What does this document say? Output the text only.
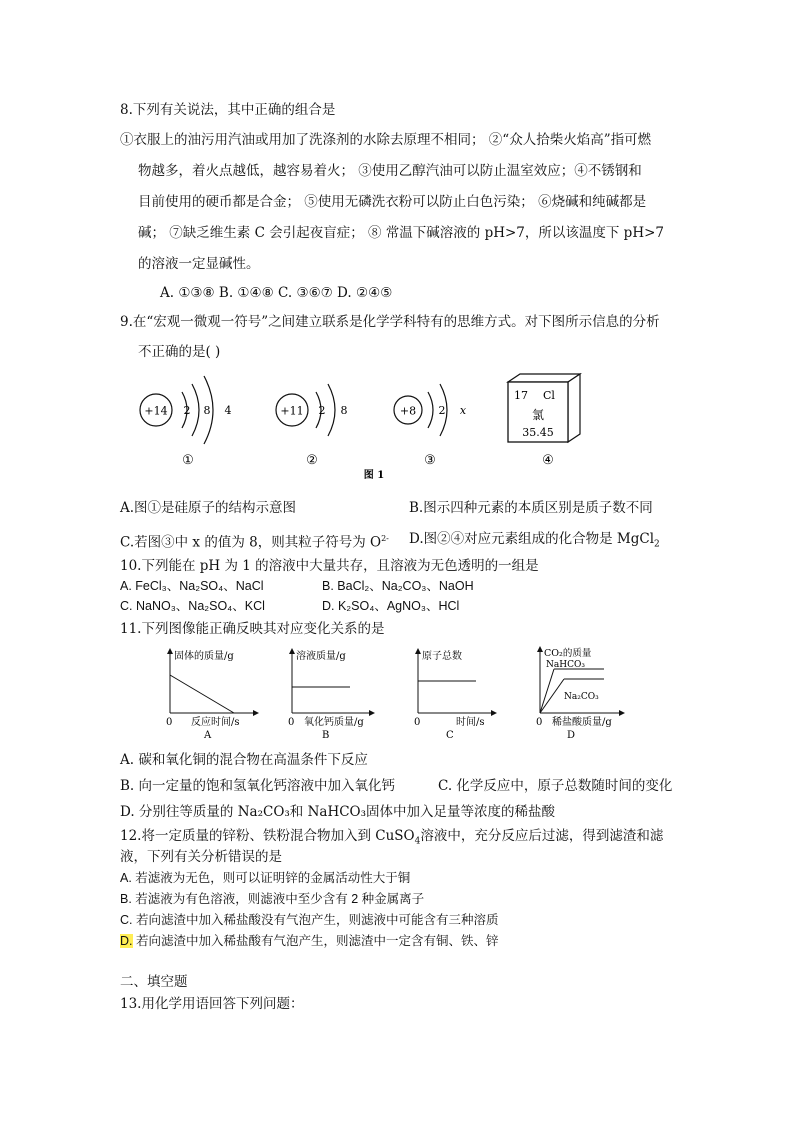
8.下列有关说法，其中正确的组合是
①衣服上的油污用汽油或用加了洗涤剂的水除去原理不相同； ②“众人拾柴火焰高”指可燃
物越多，着火点越低，越容易着火； ③使用乙醇汽油可以防止温室效应；④不锈钢和
目前使用的硬币都是合金； ⑤使用无磷洗衣粉可以防止白色污染； ⑥烧碱和纯碱都是
碱； ⑦缺乏维生素 C 会引起夜盲症； ⑧ 常温下碱溶液的 pH>7，所以该温度下 pH>7
的溶液一定显碱性。
A. ①③⑧ B. ①④⑧ C. ③⑥⑦ D. ②④⑤
9.在“宏观一微观一符号”之间建立联系是化学学科特有的思维方式。对下图所示信息的分析
不正确的是( )
+14 2 8 4
①
+11 2 8
②
+8 2 x
③
17 Cl
氯
35.45
④
图 1
A.图①是硅原子的结构示意图	B.图示四种元素的本质区别是质子数不同
C.若图③中 x 的值为 8，则其粒子符号为 $O^{2-}$ D.图②④对应元素组成的化合物是 MgCl$_2$
10.下列能在 pH 为 1 的溶液中大量共存，且溶液为无色透明的一组是
A. FeCl₃、Na₂SO₄、NaCl	B. BaCl₂、Na₂CO₃、NaOH
C. NaNO₃、Na₂SO₄、KCl	D. K₂SO₄、AgNO₃、HCl
11.下列图像能正确反映其对应变化关系的是
固体的质量/g
0 反应时间/s
A
溶液质量/g
0 氧化钙质量/g
B
原子总数
0	时间/s
C
CO₂的质量
NaHCO₃
Na₂CO₃
0 稀盐酸质量/g
D
A. 碳和氧化铜的混合物在高温条件下反应
B. 向一定量的饱和氢氧化钙溶液中加入氧化钙	C. 化学反应中，原子总数随时间的变化
D. 分别往等质量的 Na₂CO₃和 NaHCO₃固体中加入足量等浓度的稀盐酸
12.将一定质量的锌粉、铁粉混合物加入到 CuSO$_4$溶液中，充分反应后过滤，得到滤渣和滤
液，下列有关分析错误的是
A. 若滤液为无色，则可以证明锌的金属活动性大于铜
B. 若滤液为有色溶液，则滤液中至少含有 2 种金属离子
C. 若向滤渣中加入稀盐酸没有气泡产生，则滤液中可能含有三种溶质
D. 若向滤渣中加入稀盐酸有气泡产生，则滤渣中一定含有铜、铁、锌
二、填空题
13.用化学用语回答下列问题：
